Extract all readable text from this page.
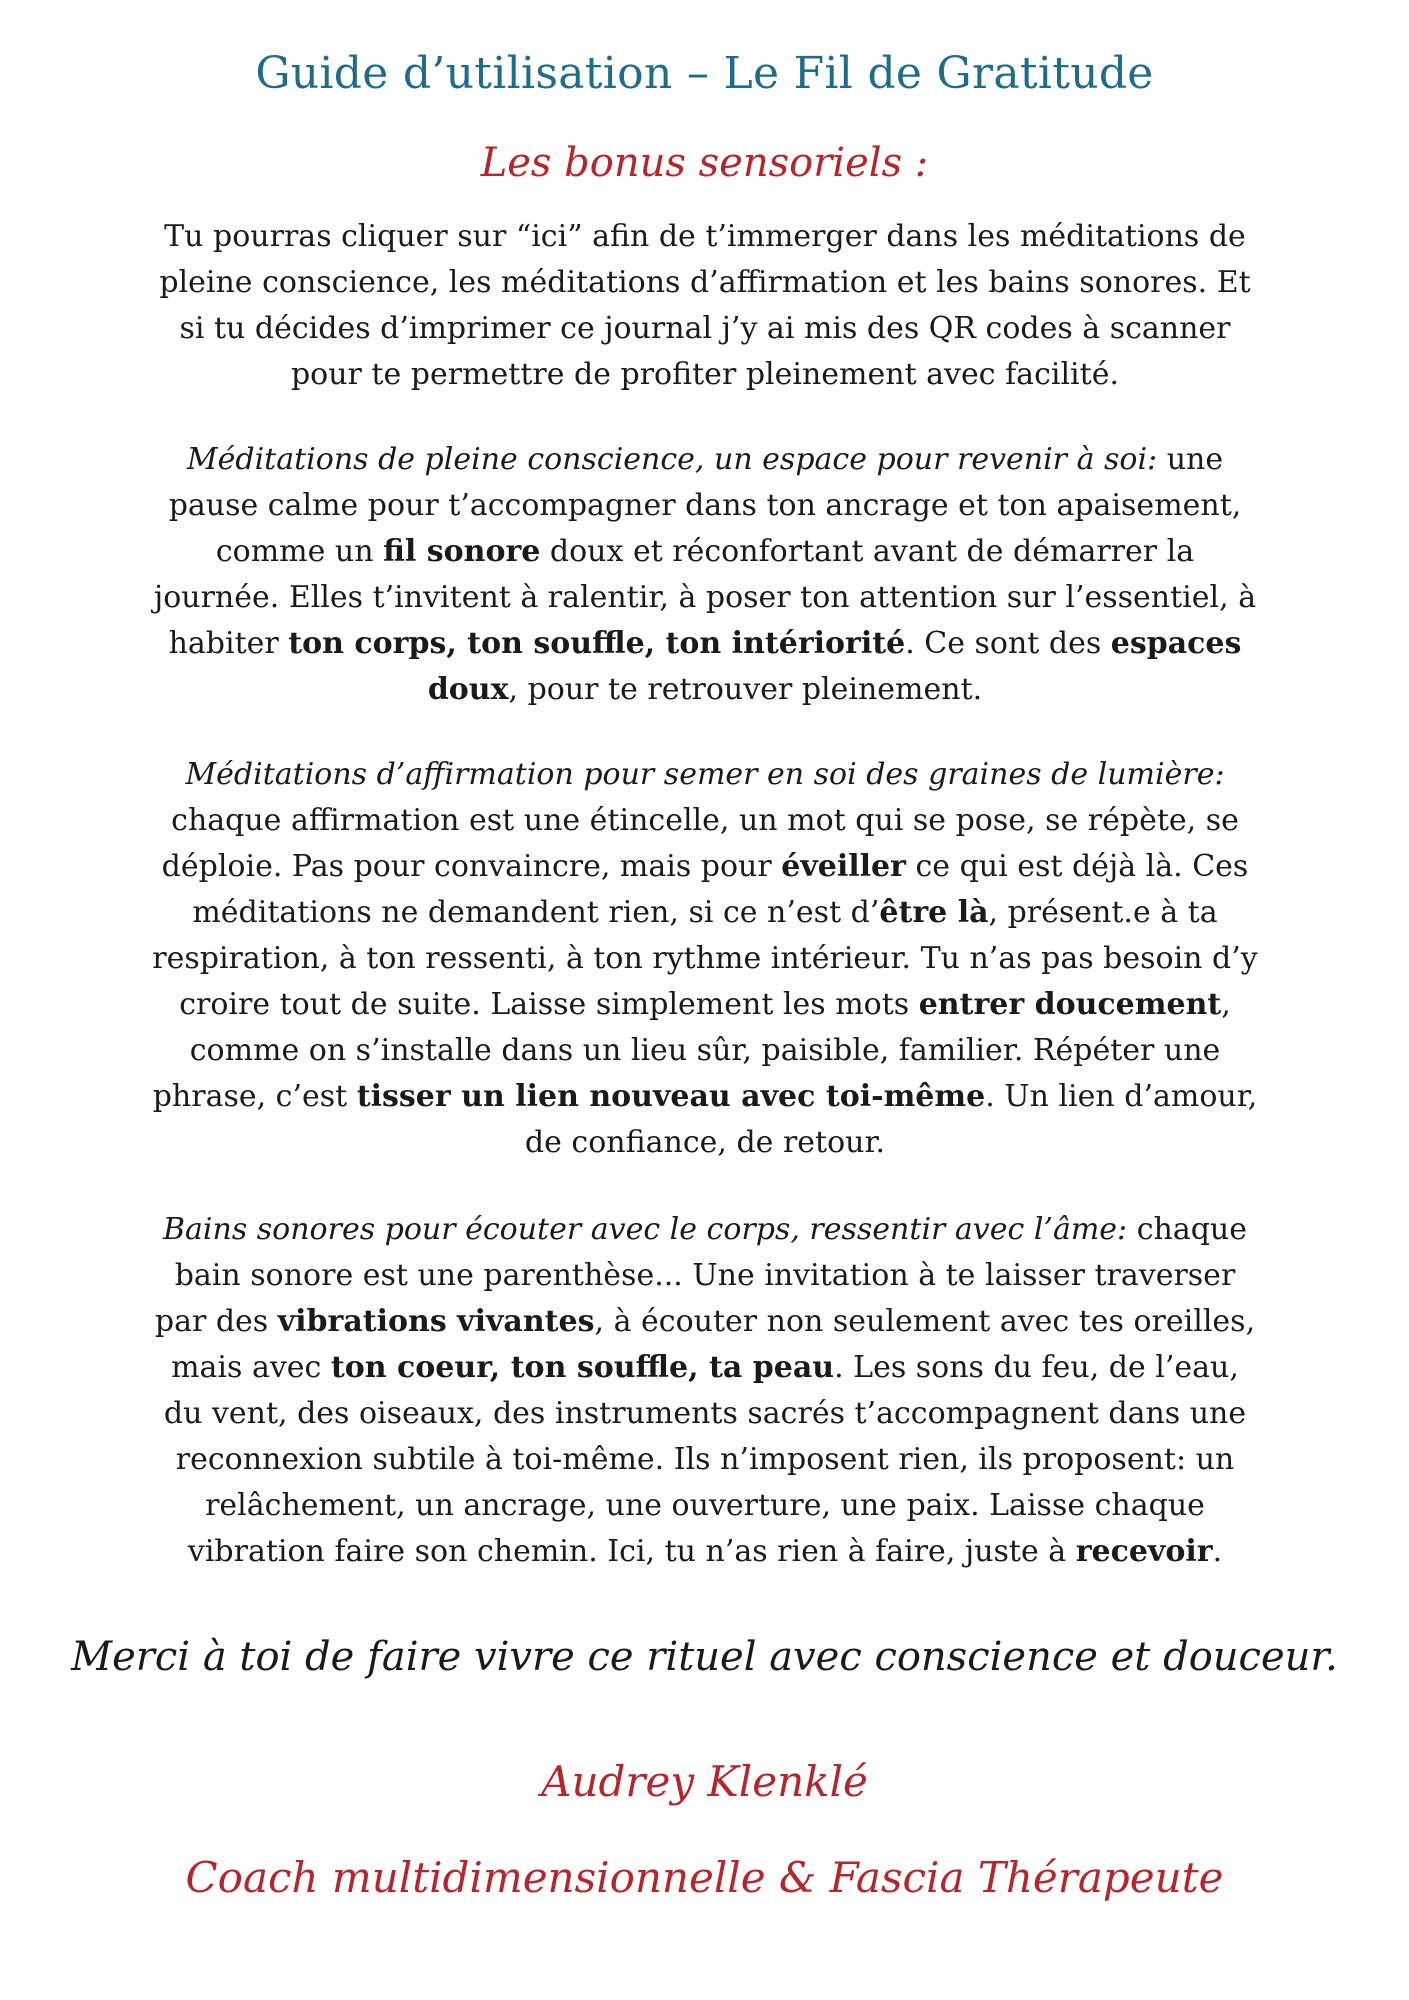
Guide d’utilisation – Le Fil de Gratitude
Les bonus sensoriels :

Tu pourras cliquer sur “ici” afin de t’immerger dans les méditations de pleine conscience, les méditations d’affirmation et les bains sonores. Et si tu décides d’imprimer ce journal j’y ai mis des QR codes à scanner pour te permettre de profiter pleinement avec facilité.

Méditations de pleine conscience, un espace pour revenir à soi: une pause calme pour t’accompagner dans ton ancrage et ton apaisement, comme un fil sonore doux et réconfortant avant de démarrer la journée. Elles t’invitent à ralentir, à poser ton attention sur l’essentiel, à habiter ton corps, ton souffle, ton intériorité. Ce sont des espaces doux, pour te retrouver pleinement.

Méditations d’affirmation pour semer en soi des graines de lumière: chaque affirmation est une étincelle, un mot qui se pose, se répète, se déploie. Pas pour convaincre, mais pour éveiller ce qui est déjà là. Ces méditations ne demandent rien, si ce n’est d’être là, présent.e à ta respiration, à ton ressenti, à ton rythme intérieur. Tu n’as pas besoin d’y croire tout de suite. Laisse simplement les mots entrer doucement, comme on s’installe dans un lieu sûr, paisible, familier. Répéter une phrase, c’est tisser un lien nouveau avec toi-même. Un lien d’amour, de confiance, de retour.

Bains sonores pour écouter avec le corps, ressentir avec l’âme: chaque bain sonore est une parenthèse... Une invitation à te laisser traverser par des vibrations vivantes, à écouter non seulement avec tes oreilles, mais avec ton coeur, ton souffle, ta peau. Les sons du feu, de l’eau, du vent, des oiseaux, des instruments sacrés t’accompagnent dans une reconnexion subtile à toi-même. Ils n’imposent rien, ils proposent: un relâchement, un ancrage, une ouverture, une paix. Laisse chaque vibration faire son chemin. Ici, tu n’as rien à faire, juste à recevoir.

Merci à toi de faire vivre ce rituel avec conscience et douceur.
Audrey Klenklé
Coach multidimensionnelle & Fascia Thérapeute
